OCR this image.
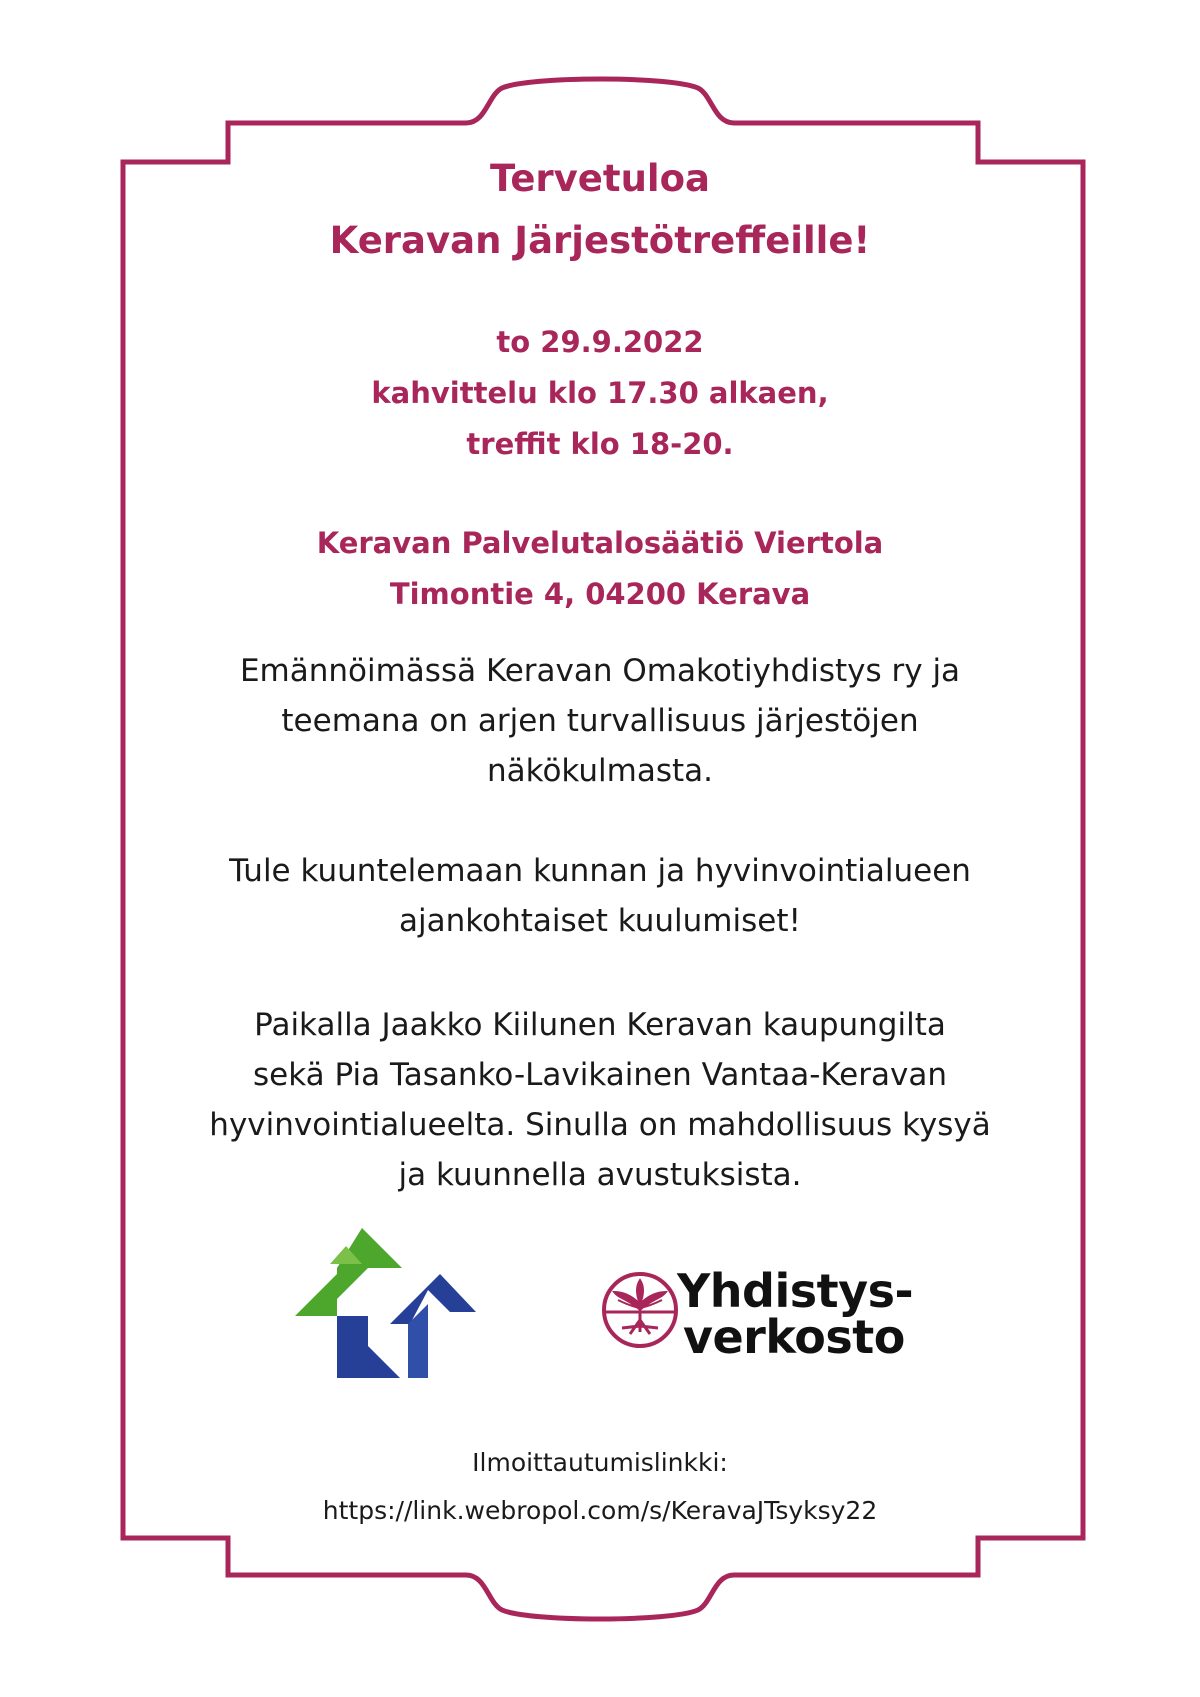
Tervetuloa
Keravan Järjestötreffeille!
to 29.9.2022
kahvittelu klo 17.30 alkaen,
treffit klo 18-20.
Keravan Palvelutalosäätiö Viertola
Timontie 4, 04200 Kerava
Emännöimässä Keravan Omakotiyhdistys ry ja
teemana on arjen turvallisuus järjestöjen
näkökulmasta.
Tule kuuntelemaan kunnan ja hyvinvointialueen
ajankohtaiset kuulumiset!
Paikalla Jaakko Kiilunen Keravan kaupungilta
sekä Pia Tasanko-Lavikainen Vantaa-Keravan
hyvinvointialueelta. Sinulla on mahdollisuus kysyä
ja kuunnella avustuksista.
Yhdistys-
verkosto
Ilmoittautumislinkki:
https://link.webropol.com/s/KeravaJTsyksy22
